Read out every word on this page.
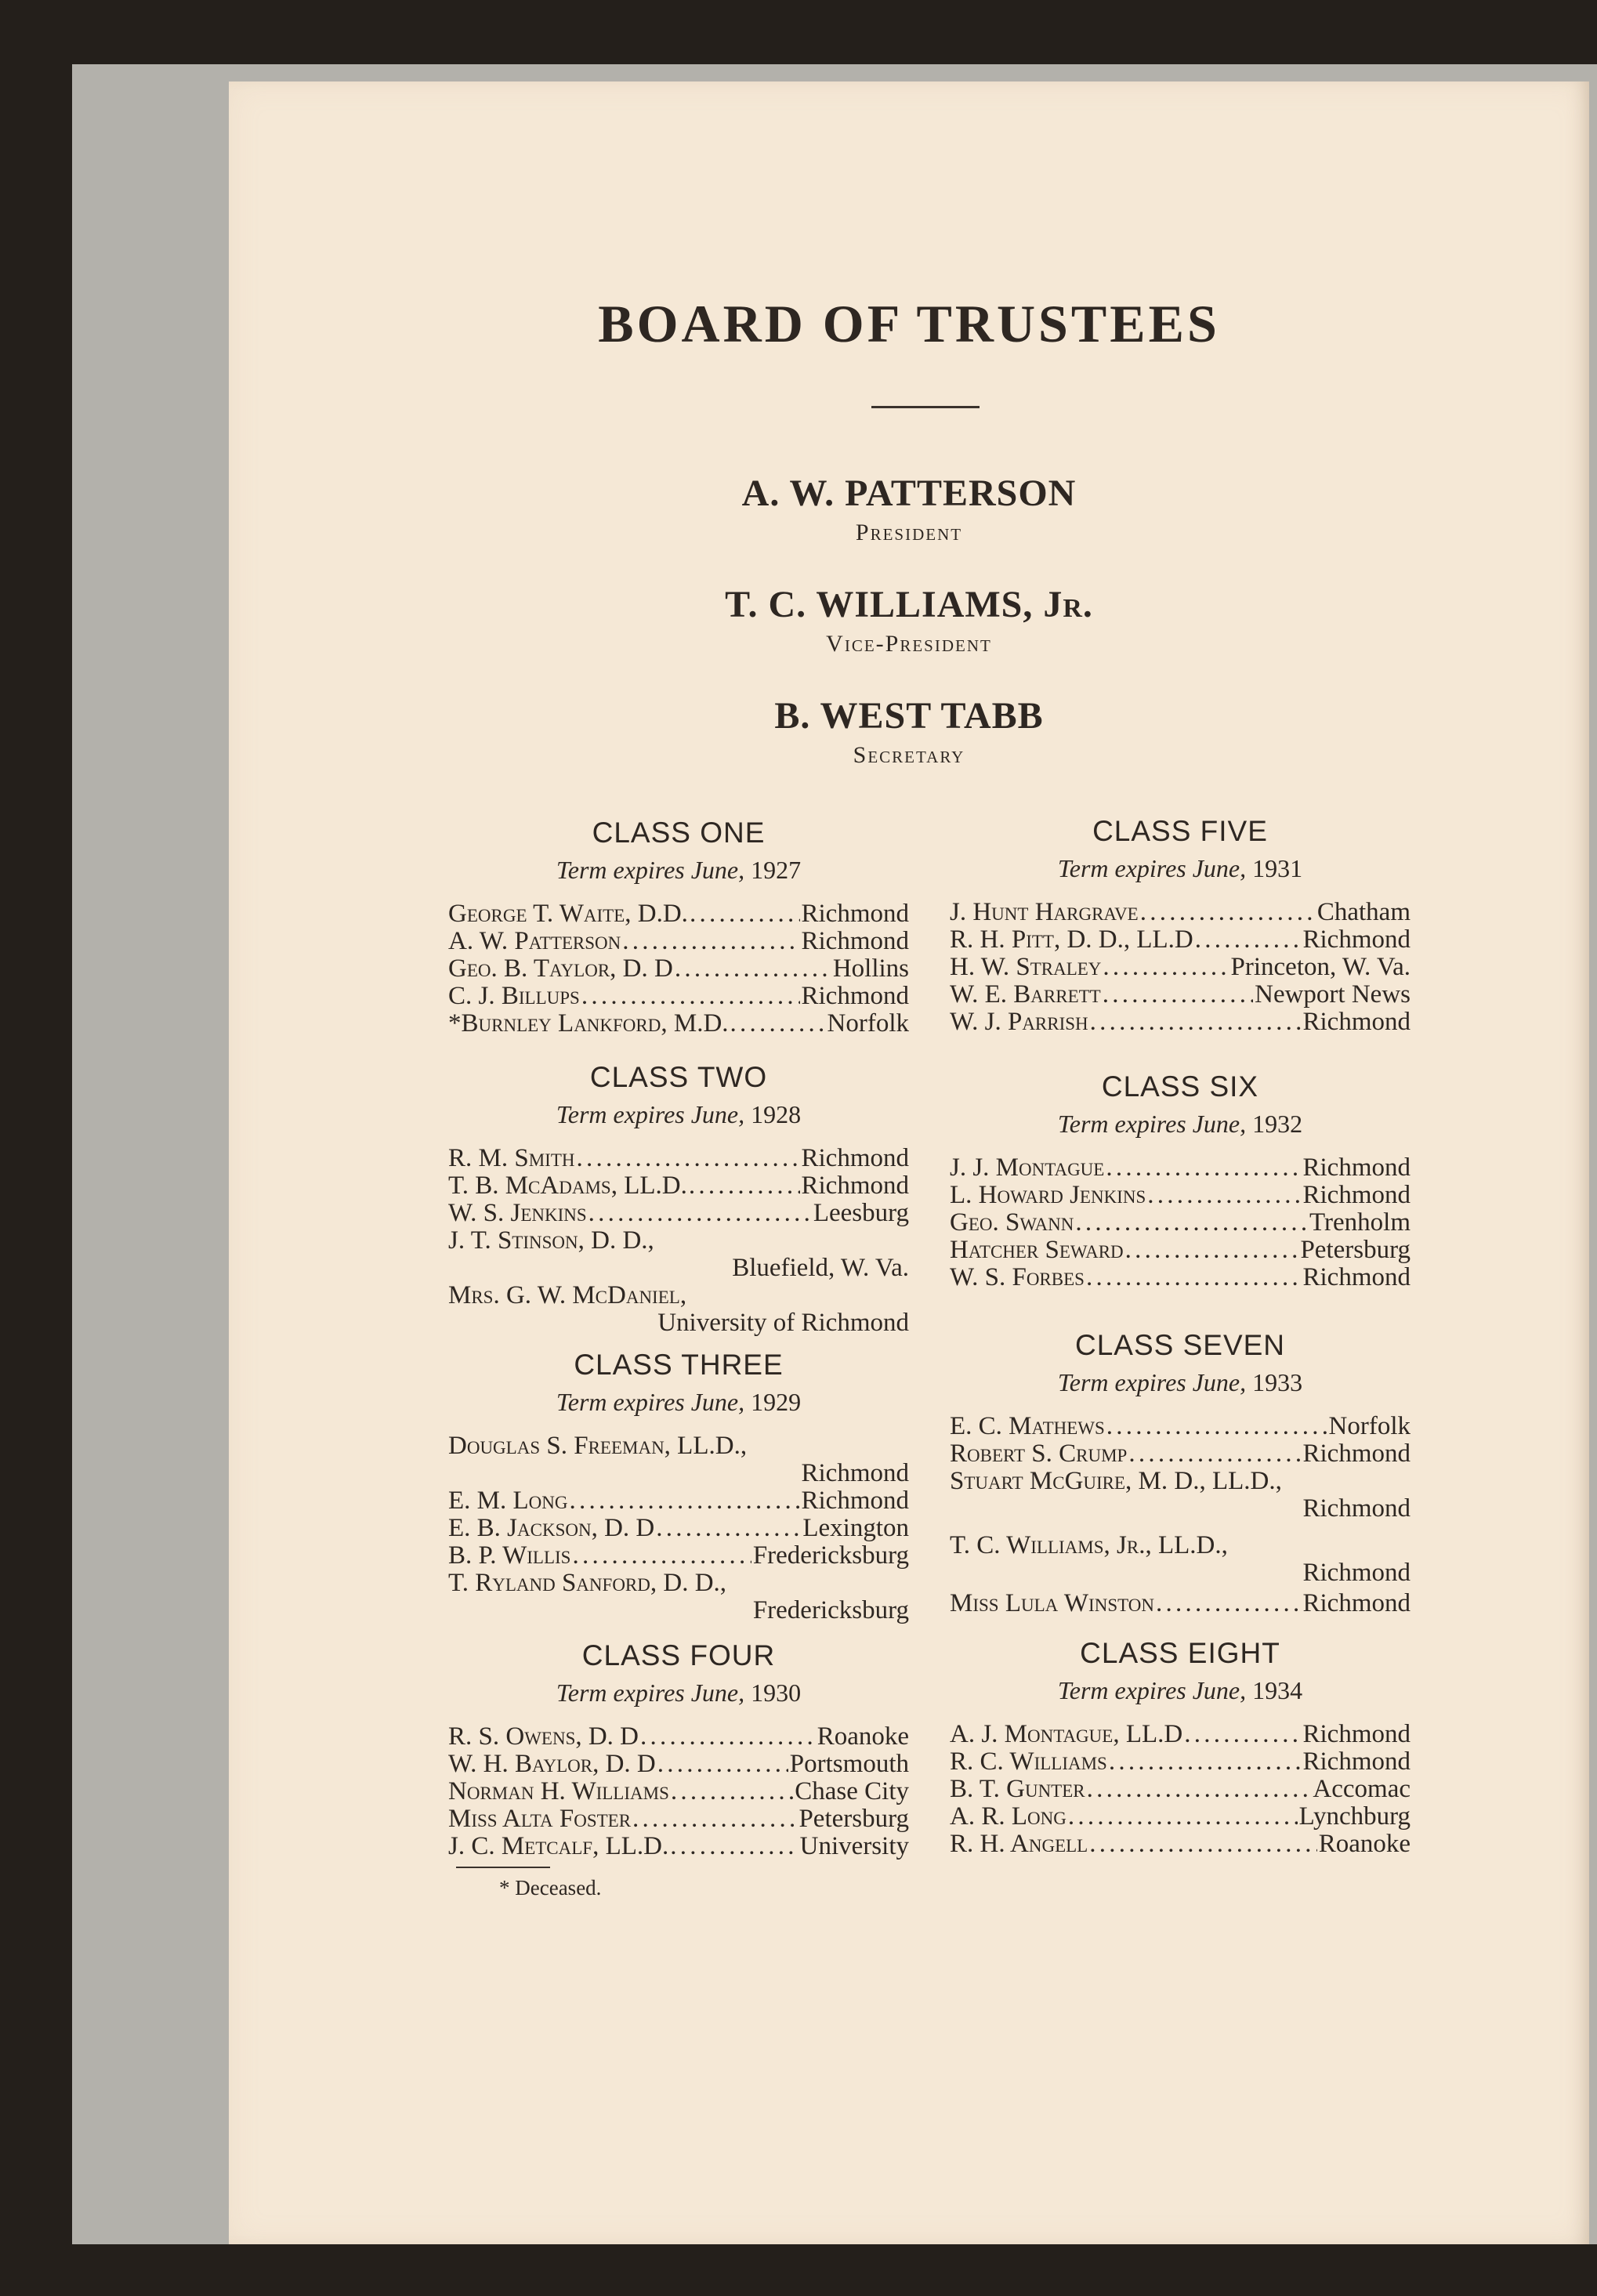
BOARD OF TRUSTEES
A. W. PATTERSON
President
T. C. WILLIAMS, Jr.
Vice-President
B. WEST TABB
Secretary
CLASS ONE
Term expires June, 1927
George T. Waite, D.D. . . .	Richmond
A. W. Patterson . . .	Richmond
Geo. B. Taylor, D. D . . .	Hollins
C. J. Billups . . .	Richmond
*Burnley Lankford, M.D. . . .	Norfolk
CLASS TWO
Term expires June, 1928
R. M. Smith . . .	Richmond
T. B. McAdams, LL.D. . . .	Richmond
W. S. Jenkins . . .	Leesburg
J. T. Stinson, D. D.,
Bluefield, W. Va.
Mrs. G. W. McDaniel,
University of Richmond
CLASS THREE
Term expires June, 1929
Douglas S. Freeman, LL.D.,
Richmond
E. M. Long . . .	Richmond
E. B. Jackson, D. D . . .	Lexington
B. P. Willis . . .	Fredericksburg
T. Ryland Sanford, D. D.,
Fredericksburg
CLASS FOUR
Term expires June, 1930
R. S. Owens, D. D . . .	Roanoke
W. H. Baylor, D. D . . .	Portsmouth
Norman H. Williams . . .	Chase City
Miss Alta Foster . . .	Petersburg
J. C. Metcalf, LL.D. . . .	University
CLASS FIVE
Term expires June, 1931
J. Hunt Hargrave . . .	Chatham
R. H. Pitt, D. D., LL.D . . .	Richmond
H. W. Straley . . .	Princeton, W. Va.
W. E. Barrett . . .	Newport News
W. J. Parrish . . .	Richmond
CLASS SIX
Term expires June, 1932
J. J. Montague . . .	Richmond
L. Howard Jenkins . . .	Richmond
Geo. Swann . . .	Trenholm
Hatcher Seward . . .	Petersburg
W. S. Forbes . . .	Richmond
CLASS SEVEN
Term expires June, 1933
E. C. Mathews . . .	Norfolk
Robert S. Crump . . .	Richmond
Stuart McGuire, M. D., LL.D.,
Richmond
T. C. Williams, Jr., LL.D.,
Richmond
Miss Lula Winston . . .	Richmond
CLASS EIGHT
Term expires June, 1934
A. J. Montague, LL.D . . .	Richmond
R. C. Williams . . .	Richmond
B. T. Gunter . . .	Accomac
A. R. Long . . .	Lynchburg
R. H. Angell . . .	Roanoke
* Deceased.
